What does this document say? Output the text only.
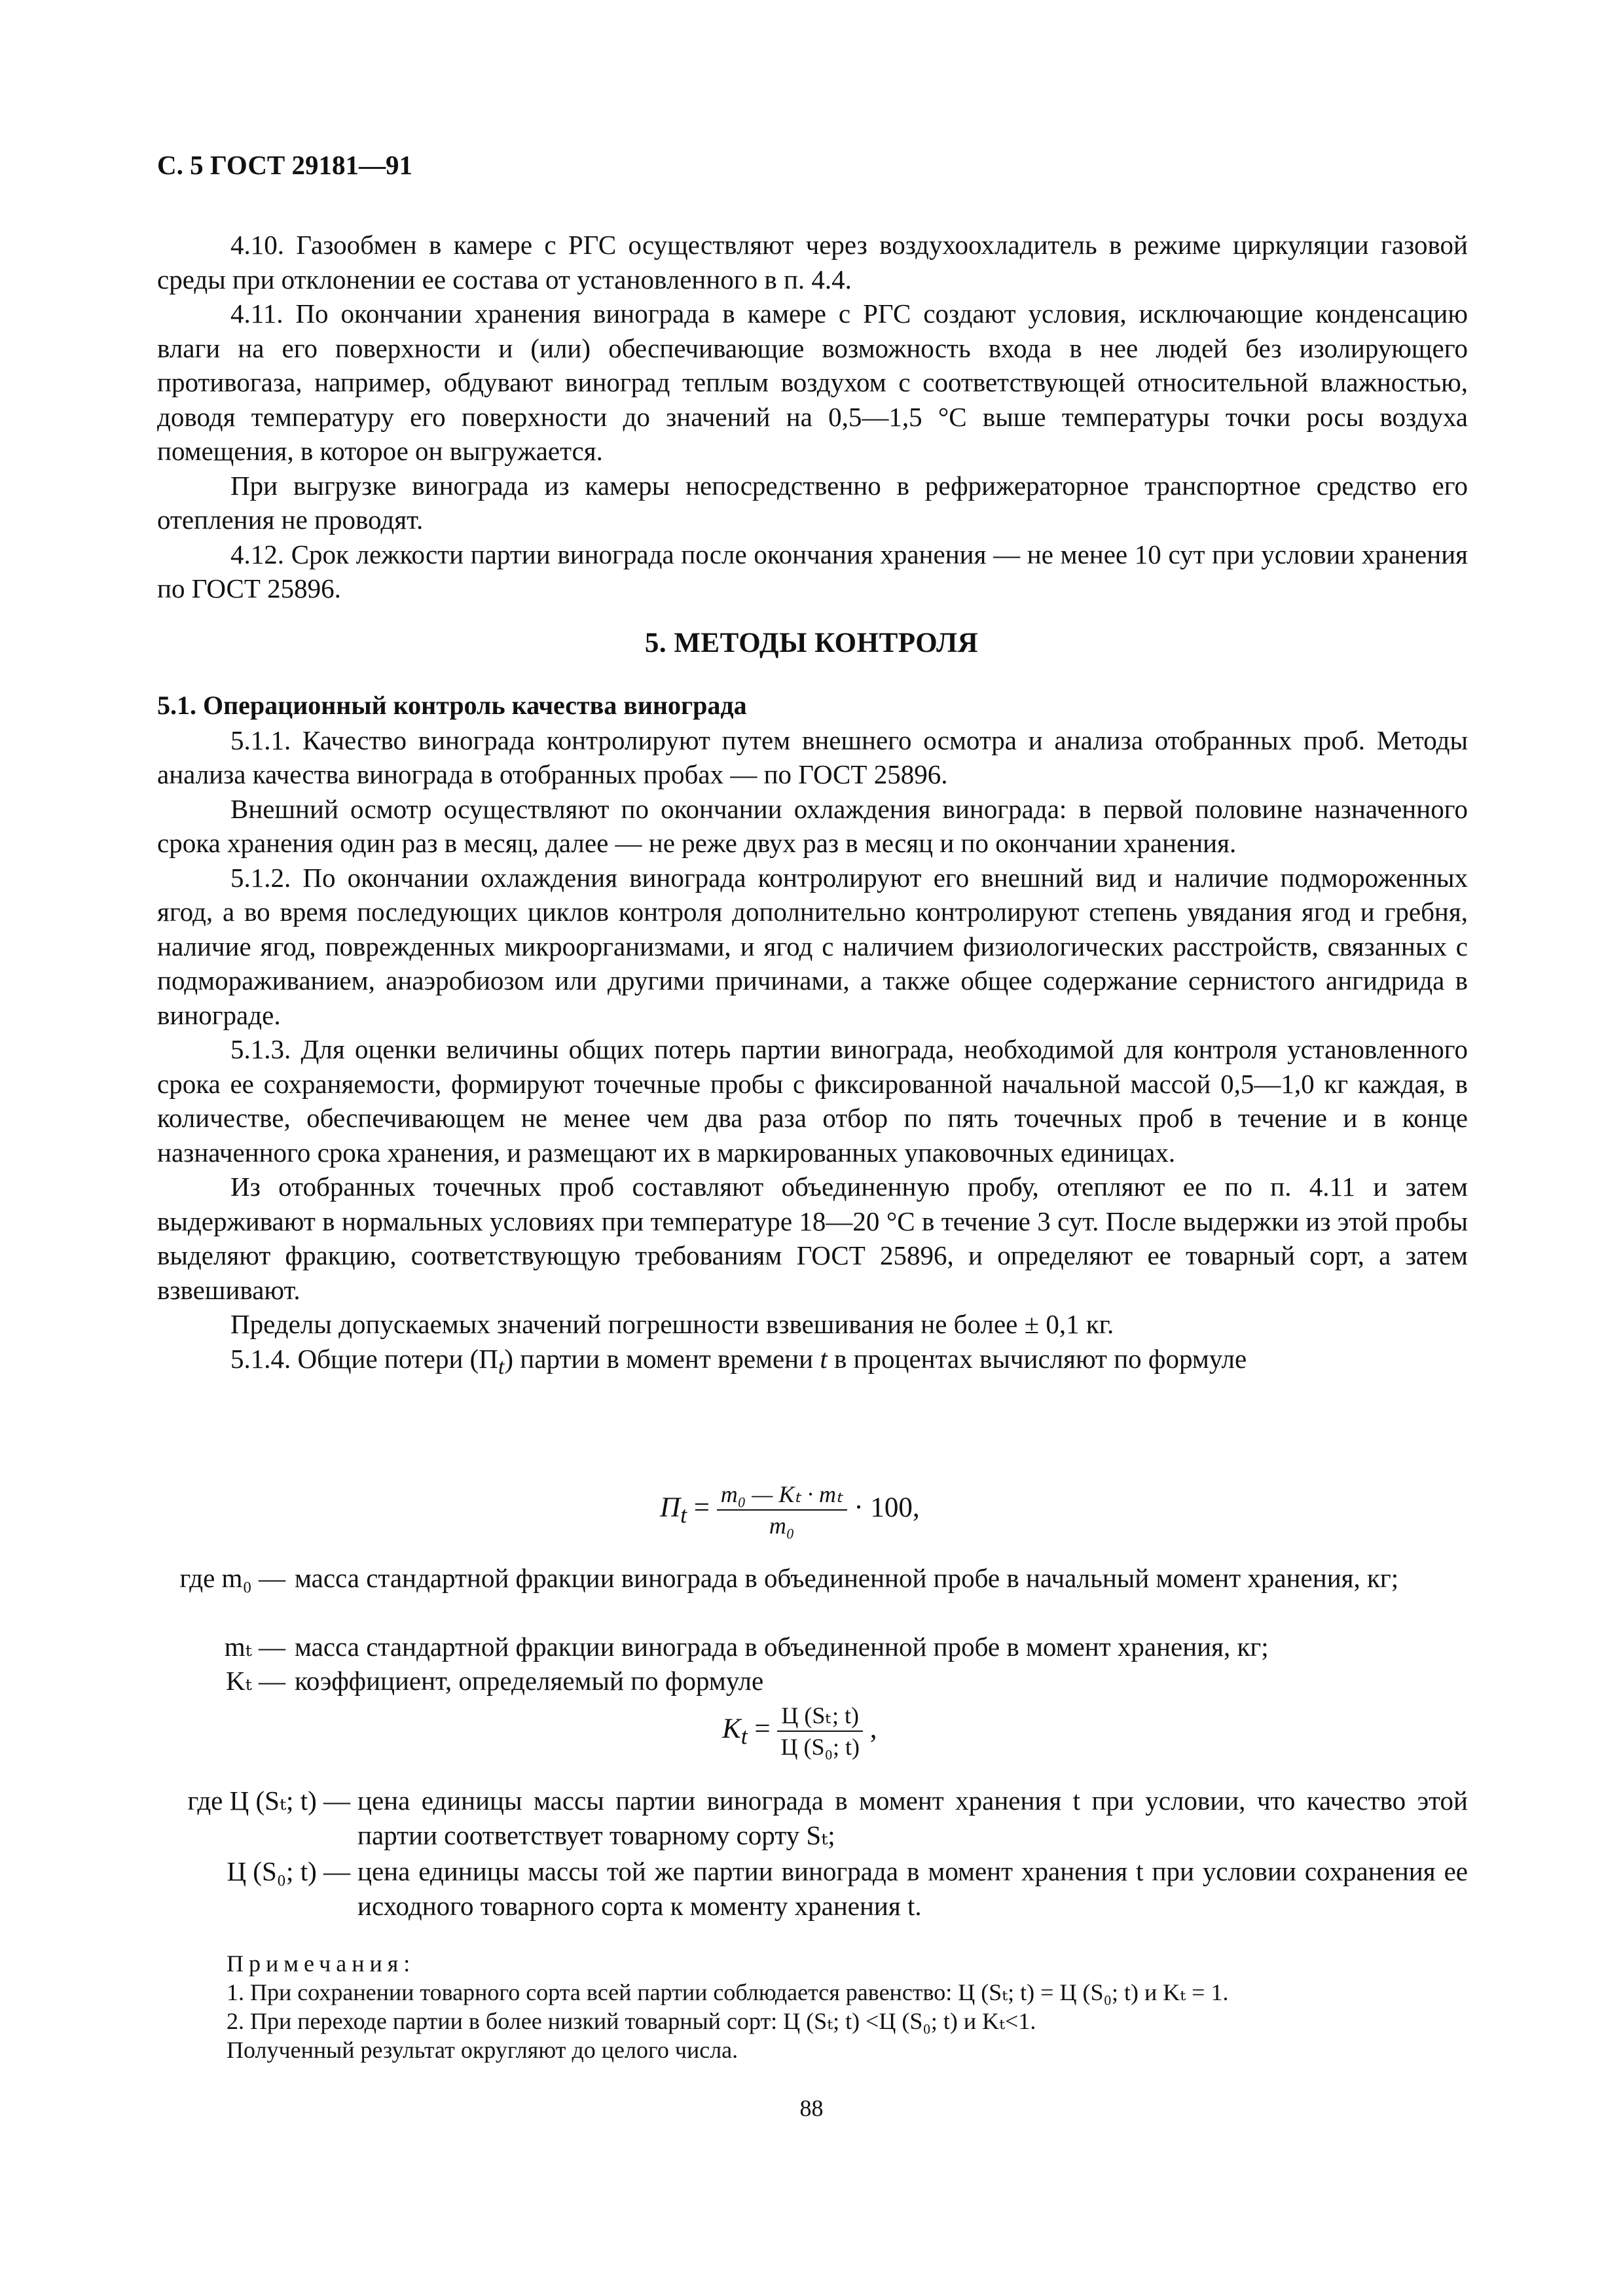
С. 5 ГОСТ 29181—91

4.10. Газообмен в камере с РГС осуществляют через воздухоохладитель в режиме циркуляции газовой среды при отклонении ее состава от установленного в п. 4.4.

4.11. По окончании хранения винограда в камере с РГС создают условия, исключающие конденсацию влаги на его поверхности и (или) обеспечивающие возможность входа в нее людей без изолирующего противогаза, например, обдувают виноград теплым воздухом с соответствующей относительной влажностью, доводя температуру его поверхности до значений на 0,5—1,5 °С выше температуры точки росы воздуха помещения, в которое он выгружается.

При выгрузке винограда из камеры непосредственно в рефрижераторное транспортное средство его отепления не проводят.

4.12. Срок лежкости партии винограда после окончания хранения — не менее 10 сут при условии хранения по ГОСТ 25896.

5. МЕТОДЫ КОНТРОЛЯ

5.1. Операционный контроль качества винограда

5.1.1. Качество винограда контролируют путем внешнего осмотра и анализа отобранных проб. Методы анализа качества винограда в отобранных пробах — по ГОСТ 25896.

Внешний осмотр осуществляют по окончании охлаждения винограда: в первой половине назначенного срока хранения один раз в месяц, далее — не реже двух раз в месяц и по окончании хранения.

5.1.2. По окончании охлаждения винограда контролируют его внешний вид и наличие подмороженных ягод, а во время последующих циклов контроля дополнительно контролируют степень увядания ягод и гребня, наличие ягод, поврежденных микроорганизмами, и ягод с наличием физиологических расстройств, связанных с подмораживанием, анаэробиозом или другими причинами, а также общее содержание сернистого ангидрида в винограде.

5.1.3. Для оценки величины общих потерь партии винограда, необходимой для контроля установленного срока ее сохраняемости, формируют точечные пробы с фиксированной начальной массой 0,5—1,0 кг каждая, в количестве, обеспечивающем не менее чем два раза отбор по пять точечных проб в течение и в конце назначенного срока хранения, и размещают их в маркированных упаковочных единицах.

Из отобранных точечных проб составляют объединенную пробу, отепляют ее по п. 4.11 и затем выдерживают в нормальных условиях при температуре 18—20 °С в течение 3 сут. После выдержки из этой пробы выделяют фракцию, соответствующую требованиям ГОСТ 25896, и определяют ее товарный сорт, а затем взвешивают.

Пределы допускаемых значений погрешности взвешивания не более ± 0,1 кг.

5.1.4. Общие потери $(П_t)$ партии в момент времени t в процентах вычисляют по формуле

$П_t = \frac{\text{m₀ — Kₜ · mₜ}}{\text{m₀}} \cdot 100$,
где m₀ — масса стандартной фракции винограда в объединенной пробе в начальный момент хранения, кг;
mₜ — масса стандартной фракции винограда в объединенной пробе в момент хранения, кг;
Kₜ — коэффициент, определяемый по формуле
$K_t = \frac{\text{Ц (Sₜ; t)}}{\text{Ц (S₀; t)}}$ ,
где Ц (Sₜ; t) — цена единицы массы партии винограда в момент хранения t при условии, что качество этой партии соответствует товарному сорту Sₜ;
Ц (S₀; t) — цена единицы массы той же партии винограда в момент хранения t при условии сохранения ее исходного товарного сорта к моменту хранения t.
Примечания:
1. При сохранении товарного сорта всей партии соблюдается равенство: Ц (Sₜ; t) = Ц (S₀; t) и Kₜ = 1.
2. При переходе партии в более низкий товарный сорт: Ц (Sₜ; t) <Ц (S₀; t) и Kₜ<1.
Полученный результат округляют до целого числа.
88
